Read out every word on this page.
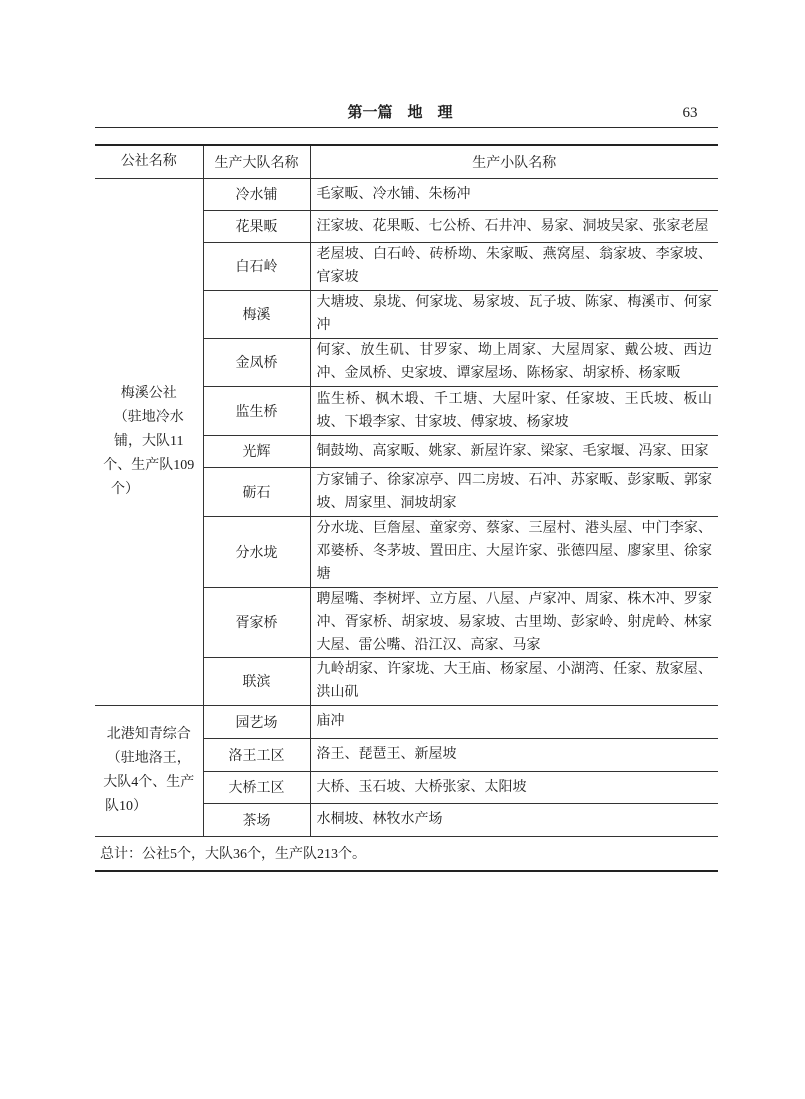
第一篇　地　理	63
公社名称	生产大队名称	生产小队名称

梅溪公社
（驻地冷水
铺，大队11
个、生产队109
个）	冷水铺	毛家畈、冷水铺、朱杨冲

	花果畈	汪家坡、花果畈、七公桥、石井冲、易家、洞坡吴家、张家老屋

	白石岭	老屋坡、白石岭、砖桥坳、朱家畈、燕窝屋、翁家坡、李家坡、
官家坡

	梅溪	大塘坡、泉垅、何家垅、易家坡、瓦子坡、陈家、梅溪市、何家
冲

	金凤桥	何家、放生矶、甘罗家、坳上周家、大屋周家、戴公坡、西边
冲、金凤桥、史家坡、谭家屋场、陈杨家、胡家桥、杨家畈

	监生桥	监生桥、枫木塅、千工塘、大屋叶家、任家坡、王氏坡、板山
坡、下塅李家、甘家坡、傅家坡、杨家坡

	光辉	铜鼓坳、高家畈、姚家、新屋许家、梁家、毛家堰、冯家、田家

	砺石	方家铺子、徐家凉亭、四二房坡、石冲、苏家畈、彭家畈、郭家
坡、周家里、洞坡胡家

	分水垅	分水垅、巨詹屋、童家旁、蔡家、三屋村、港头屋、中门李家、
邓婆桥、冬茅坡、置田庄、大屋许家、张德四屋、廖家里、徐家
塘

	胥家桥	聘屋嘴、李树坪、立方屋、八屋、卢家冲、周家、株木冲、罗家
冲、胥家桥、胡家坡、易家坡、古里坳、彭家岭、射虎岭、林家
大屋、雷公嘴、沿江汉、高家、马家

	联滨	九岭胡家、许家垅、大王庙、杨家屋、小湖湾、任家、敖家屋、
洪山矶

北港知青综合
（驻地洛王，
大队4个、生产
队10）	园艺场	庙冲

	洛王工区	洛王、琵琶王、新屋坡

	大桥工区	大桥、玉石坡、大桥张家、太阳坡

	茶场	水桐坡、林牧水产场

总计：公社5个，大队36个，生产队213个。		
